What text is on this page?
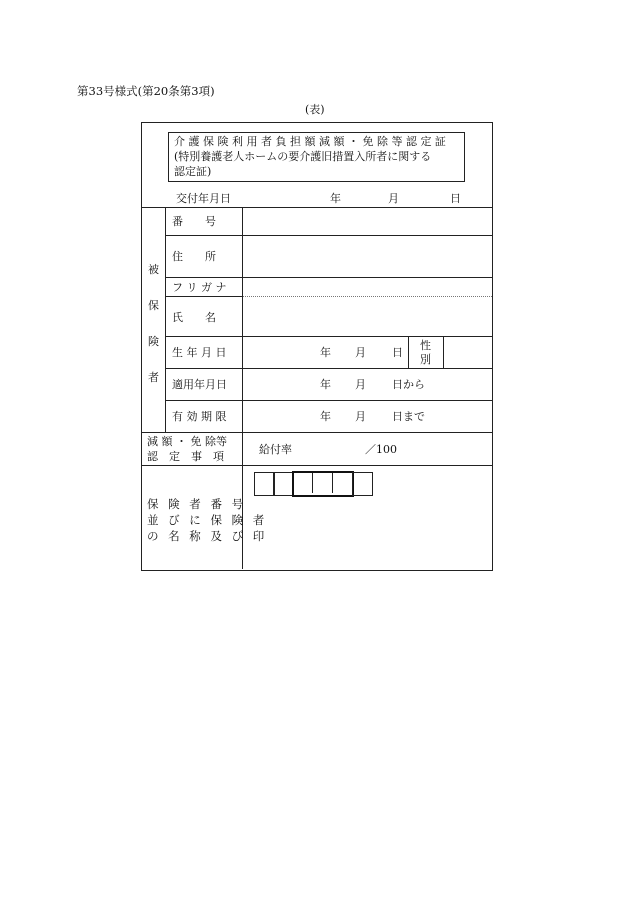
第33号様式(第20条第3項)
(表)
介 護 保 険 利 用 者 負 担 額 減 額 ・ 免 除 等 認 定 証
(特別養護老人ホームの要介護旧措置入所者に関する
認定証)
交付年月日	年	月	日
被
保
険
者
番　　号
住　　所
フ リ ガ ナ
氏　　名
生 年 月 日	年 月 日
性
別
適用年月日	年 月 日から
有 効 期 限	年 月 日まで
減 額 ・ 免 除等
認　定　事　項
給付率	／100
保 険 者 番 号
並 び に 保 険 者
の 名 称 及 び 印
